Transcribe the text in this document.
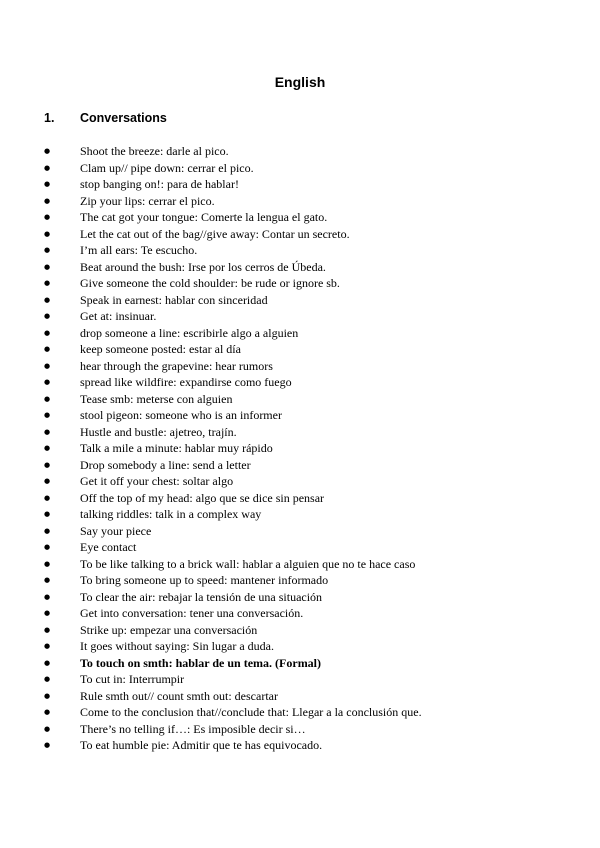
English
1. Conversations
●	Shoot the breeze: darle al pico.
●	Clam up// pipe down: cerrar el pico.
●	stop banging on!: para de hablar!
●	Zip your lips: cerrar el pico.
●	The cat got your tongue: Comerte la lengua el gato.
●	Let the cat out of the bag//give away: Contar un secreto.
●	I’m all ears: Te escucho.
●	Beat around the bush: Irse por los cerros de Úbeda.
●	Give someone the cold shoulder: be rude or ignore sb.
●	Speak in earnest: hablar con sinceridad
●	Get at: insinuar.
●	drop someone a line: escribirle algo a alguien
●	keep someone posted: estar al día
●	hear through the grapevine: hear rumors
●	spread like wildfire: expandirse como fuego
●	Tease smb: meterse con alguien
●	stool pigeon: someone who is an informer
●	Hustle and bustle: ajetreo, trajín.
●	Talk a mile a minute: hablar muy rápido
●	Drop somebody a line: send a letter
●	Get it off your chest: soltar algo
●	Off the top of my head: algo que se dice sin pensar
●	talking riddles: talk in a complex way
●	Say your piece
●	Eye contact
●	To be like talking to a brick wall: hablar a alguien que no te hace caso
●	To bring someone up to speed: mantener informado
●	To clear the air: rebajar la tensión de una situación
●	Get into conversation: tener una conversación.
●	Strike up: empezar una conversación
●	It goes without saying: Sin lugar a duda.
●	To touch on smth: hablar de un tema. (Formal)
●	To cut in: Interrumpir
●	Rule smth out// count smth out: descartar
●	Come to the conclusion that//conclude that: Llegar a la conclusión que.
●	There’s no telling if…: Es imposible decir si…
●	To eat humble pie: Admitir que te has equivocado.
